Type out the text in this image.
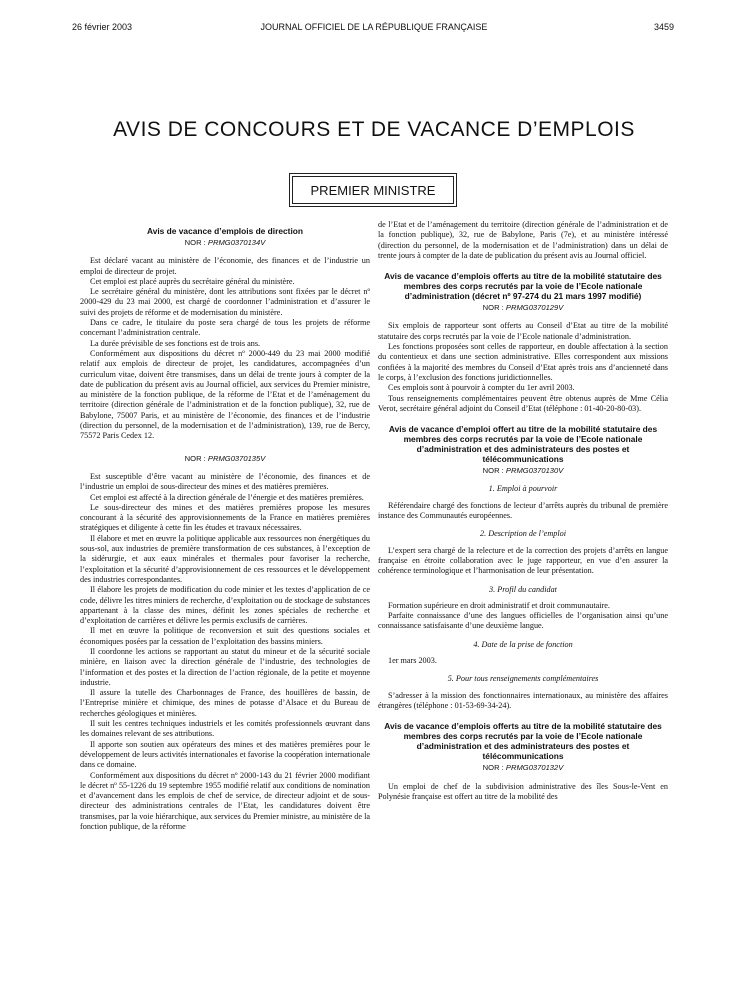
26 février 2003	JOURNAL OFFICIEL DE LA RÉPUBLIQUE FRANÇAISE	3459
AVIS DE CONCOURS ET DE VACANCE D’EMPLOIS
PREMIER MINISTRE
Avis de vacance d’emplois de direction
NOR : PRMG0370134V

Est déclaré vacant au ministère de l’économie, des finances et de l’industrie un emploi de directeur de projet.

Cet emploi est placé auprès du secrétaire général du ministère.

Le secrétaire général du ministère, dont les attributions sont fixées par le décret nº 2000-429 du 23 mai 2000, est chargé de coordonner l’administration et d’assurer le suivi des projets de réforme et de modernisation du ministère.

Dans ce cadre, le titulaire du poste sera chargé de tous les projets de réforme concernant l’administration centrale.

La durée prévisible de ses fonctions est de trois ans.

Conformément aux dispositions du décret nº 2000-449 du 23 mai 2000 modifié relatif aux emplois de directeur de projet, les candidatures, accompagnées d’un curriculum vitae, doivent être transmises, dans un délai de trente jours à compter de la date de publication du présent avis au Journal officiel, aux services du Premier ministre, au ministère de la fonction publique, de la réforme de l’Etat et de l’aménagement du territoire (direction générale de l’administration et de la fonction publique), 32, rue de Babylone, 75007 Paris, et au ministère de l’économie, des finances et de l’industrie (direction du personnel, de la modernisation et de l’administration), 139, rue de Bercy, 75572 Paris Cedex 12.

NOR : PRMG0370135V

Est susceptible d’être vacant au ministère de l’économie, des finances et de l’industrie un emploi de sous-directeur des mines et des matières premières.

Cet emploi est affecté à la direction générale de l’énergie et des matières premières.

Le sous-directeur des mines et des matières premières propose les mesures concourant à la sécurité des approvisionnements de la France en matières premières stratégiques et diligente à cette fin les études et travaux nécessaires.

Il élabore et met en œuvre la politique applicable aux ressources non énergétiques du sous-sol, aux industries de première transformation de ces substances, à l’exception de la sidérurgie, et aux eaux minérales et thermales pour favoriser la recherche, l’exploitation et la sécurité d’approvisionnement de ces ressources et le développement des industries correspondantes.

Il élabore les projets de modification du code minier et les textes d’application de ce code, délivre les titres miniers de recherche, d’exploitation ou de stockage de substances appartenant à la classe des mines, définit les zones spéciales de recherche et d’exploitation de carrières et délivre les permis exclusifs de carrières.

Il met en œuvre la politique de reconversion et suit des questions sociales et économiques posées par la cessation de l’exploitation des bassins miniers.

Il coordonne les actions se rapportant au statut du mineur et de la sécurité sociale minière, en liaison avec la direction générale de l’industrie, des technologies de l’information et des postes et la direction de l’action régionale, de la petite et moyenne industrie.

Il assure la tutelle des Charbonnages de France, des houillères de bassin, de l’Entreprise minière et chimique, des mines de potasse d’Alsace et du Bureau de recherches géologiques et minières.

Il suit les centres techniques industriels et les comités professionnels œuvrant dans les domaines relevant de ses attributions.

Il apporte son soutien aux opérateurs des mines et des matières premières pour le développement de leurs activités internationales et favorise la coopération internationale dans ce domaine.

Conformément aux dispositions du décret nº 2000-143 du 21 février 2000 modifiant le décret nº 55-1226 du 19 septembre 1955 modifié relatif aux conditions de nomination et d’avancement dans les emplois de chef de service, de directeur adjoint et de sous-directeur des administrations centrales de l’Etat, les candidatures doivent être transmises, par la voie hiérarchique, aux services du Premier ministre, au ministère de la fonction publique, de la réforme

de l’Etat et de l’aménagement du territoire (direction générale de l’administration et de la fonction publique), 32, rue de Babylone, Paris (7e), et au ministère intéressé (direction du personnel, de la modernisation et de l’administration) dans un délai de trente jours à compter de la date de publication du présent avis au Journal officiel.

Avis de vacance d’emplois offerts au titre de la mobilité statutaire des membres des corps recrutés par la voie de l’Ecole nationale d’administration (décret nº 97-274 du 21 mars 1997 modifié)
NOR : PRMG0370129V

Six emplois de rapporteur sont offerts au Conseil d’Etat au titre de la mobilité statutaire des corps recrutés par la voie de l’Ecole nationale d’administration.

Les fonctions proposées sont celles de rapporteur, en double affectation à la section du contentieux et dans une section administrative. Elles correspondent aux missions confiées à la majorité des membres du Conseil d’Etat après trois ans d’ancienneté dans le corps, à l’exclusion des fonctions juridictionnelles.

Ces emplois sont à pourvoir à compter du 1er avril 2003.

Tous renseignements complémentaires peuvent être obtenus auprès de Mme Célia Verot, secrétaire général adjoint du Conseil d’Etat (téléphone : 01-40-20-80-03).

Avis de vacance d’emploi offert au titre de la mobilité statutaire des membres des corps recrutés par la voie de l’Ecole nationale d’administration et des administrateurs des postes et télécommunications
NOR : PRMG0370130V
1. Emploi à pourvoir

Référendaire chargé des fonctions de lecteur d’arrêts auprès du tribunal de première instance des Communautés européennes.

2. Description de l’emploi

L’expert sera chargé de la relecture et de la correction des projets d’arrêts en langue française en étroite collaboration avec le juge rapporteur, en vue d’en assurer la cohérence terminologique et l’harmonisation de leur présentation.

3. Profil du candidat

Formation supérieure en droit administratif et droit communautaire.

Parfaite connaissance d’une des langues officielles de l’organisation ainsi qu’une connaissance satisfaisante d’une deuxième langue.

4. Date de la prise de fonction

1er mars 2003.

5. Pour tous renseignements complémentaires

S’adresser à la mission des fonctionnaires internationaux, au ministère des affaires étrangères (téléphone : 01-53-69-34-24).

Avis de vacance d’emplois offerts au titre de la mobilité statutaire des membres des corps recrutés par la voie de l’Ecole nationale d’administration et des administrateurs des postes et télécommunications
NOR : PRMG0370132V

Un emploi de chef de la subdivision administrative des îles Sous-le-Vent en Polynésie française est offert au titre de la mobilité des
